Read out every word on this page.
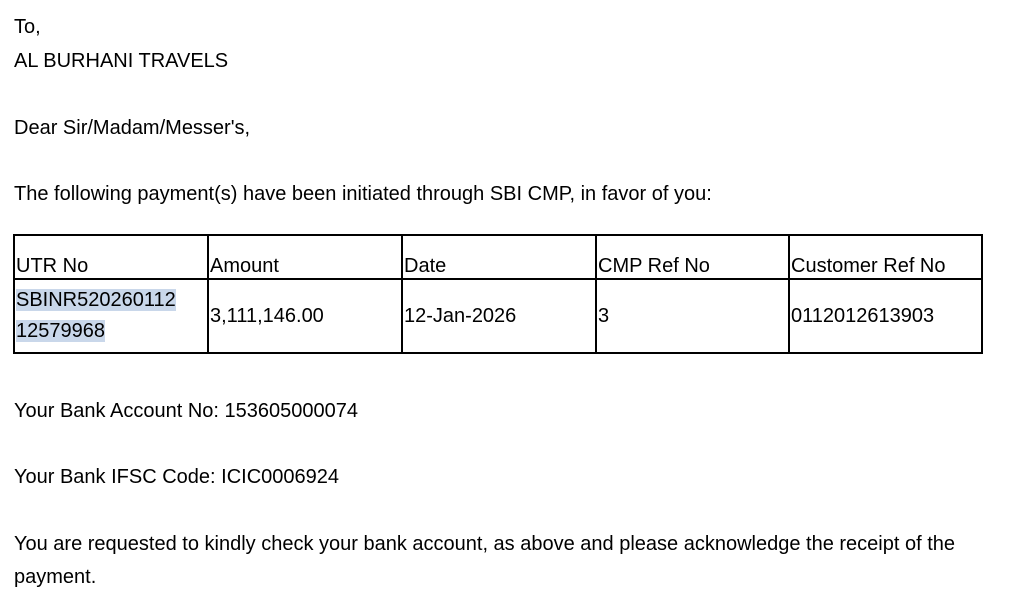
To,
AL BURHANI TRAVELS
Dear Sir/Madam/Messer's,
The following payment(s) have been initiated through SBI CMP, in favor of you:
UTR No	Amount	Date	CMP Ref No	Customer Ref No
SBINR520260112
12579968	3,111,146.00	12-Jan-2026	3	0112012613903
Your Bank Account No: 153605000074
Your Bank IFSC Code: ICIC0006924
You are requested to kindly check your bank account, as above and please acknowledge the receipt of the payment.
